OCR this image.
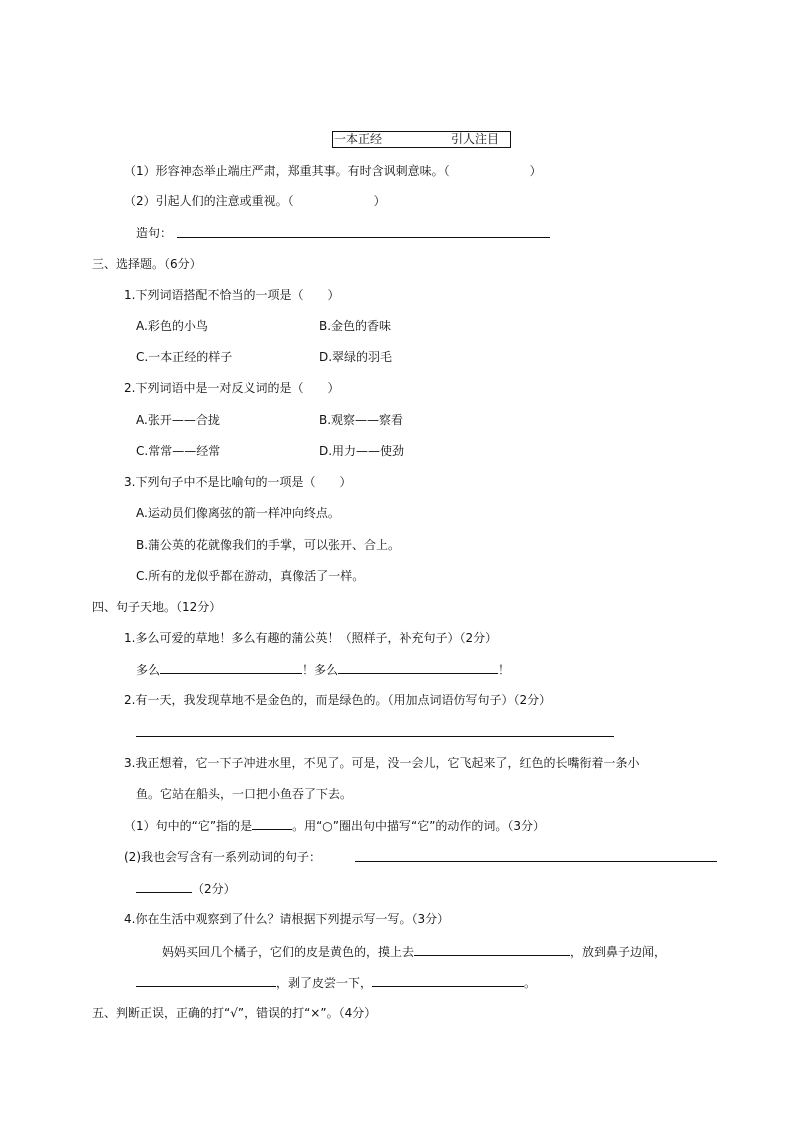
一本正经	引人注目
（1）形容神态举止端庄严肃，郑重其事。有时含讽刺意味。（	）
（2）引起人们的注意或重视。（	）
造句：
三、选择题。（6分）
1.下列词语搭配不恰当的一项是（　　）
A.彩色的小鸟	B.金色的香味
C.一本正经的样子	D.翠绿的羽毛
2.下列词语中是一对反义词的是（　　）
A.张开——合拢	B.观察——察看
C.常常——经常	D.用力——使劲
3.下列句子中不是比喻句的一项是（　　）
A.运动员们像离弦的箭一样冲向终点。
B.蒲公英的花就像我们的手掌，可以张开、合上。
C.所有的龙似乎都在游动，真像活了一样。
四、句子天地。（12分）
1.多么可爱的草地！多么有趣的蒲公英！（照样子，补充句子）（2分）
多么	！多么	！
2.有一天，我发现草地不是金色的，而是绿色的。（用加点词语仿写句子）（2分）
3.我正想着，它一下子冲进水里，不见了。可是，没一会儿，它飞起来了，红色的长嘴衔着一条小
鱼。它站在船头，一口把小鱼吞了下去。
（1）句中的“它”指的是	。用“○”圈出句中描写“它”的动作的词。（3分）
(2)我也会写含有一系列动词的句子：
（2分）
4.你在生活中观察到了什么？请根据下列提示写一写。（3分）
妈妈买回几个橘子，它们的皮是黄色的，摸上去	，放到鼻子边闻，
，剥了皮尝一下，	。
五、判断正误，正确的打“√”，错误的打“×”。（4分）
